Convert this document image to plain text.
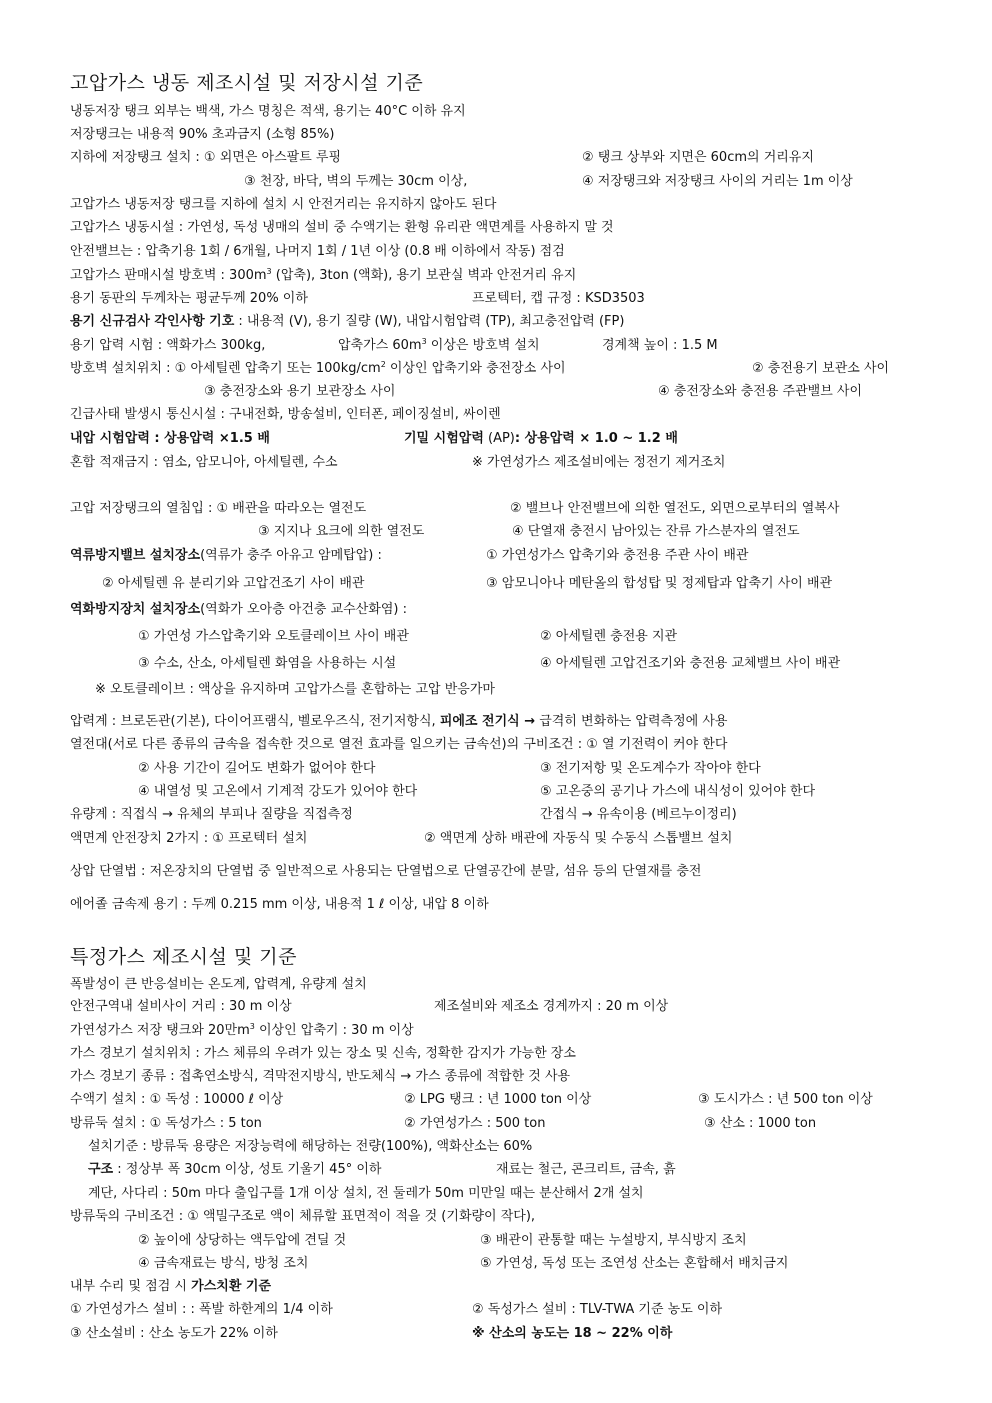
고압가스 냉동 제조시설 및 저장시설 기준
냉동저장 탱크 외부는 백색, 가스 명칭은 적색, 용기는 40°C 이하 유지
저장탱크는 내용적 90% 초과금지 (소형 85%)
지하에 저장탱크 설치 : ① 외면은 아스팔트 루핑	② 탱크 상부와 지면은 60cm의 거리유지
③ 천장, 바닥, 벽의 두께는 30cm 이상,	④ 저장탱크와 저장탱크 사이의 거리는 1m 이상
고압가스 냉동저장 탱크를 지하에 설치 시 안전거리는 유지하지 않아도 된다
고압가스 냉동시설 : 가연성, 독성 냉매의 설비 중 수액기는 환형 유리관 액면계를 사용하지 말 것
안전밸브는 : 압축기용 1회 / 6개월, 나머지 1회 / 1년 이상 (0.8 배 이하에서 작동) 점검
고압가스 판매시설 방호벽 : $300m^3$ (압축), 3ton (액화), 용기 보관실 벽과 안전거리 유지
용기 동판의 두께차는 평균두께 20% 이하	프로텍터, 캡 규정 : KSD3503
용기 신규검사 각인사항 기호 : 내용적 (V), 용기 질량 (W), 내압시험압력 (TP), 최고충전압력 (FP)
용기 압력 시험 : 액화가스 300kg,	압축가스 $60m^3$ 이상은 방호벽 설치	경계책 높이 : 1.5 M
방호벽 설치위치 : ① 아세틸렌 압축기 또는 $100kg/cm^2$ 이상인 압축기와 충전장소 사이	② 충전용기 보관소 사이
③ 충전장소와 용기 보관장소 사이	④ 충전장소와 충전용 주관밸브 사이
긴급사태 발생시 통신시설 : 구내전화, 방송설비, 인터폰, 페이징설비, 싸이렌
내압 시험압력 : 상용압력 ×1.5 배	기밀 시험압력 (AP): 상용압력 × 1.0 ~ 1.2 배
혼합 적재금지 : 염소, 암모니아, 아세틸렌, 수소	※ 가연성가스 제조설비에는 정전기 제거조치
고압 저장탱크의 열침입 : ① 배관을 따라오는 열전도	② 밸브나 안전밸브에 의한 열전도, 외면으로부터의 열복사
③ 지지나 요크에 의한 열전도	④ 단열재 충전시 남아있는 잔류 가스분자의 열전도
역류방지밸브 설치장소(역류가 충주 아유고 암메탑압) :	① 가연성가스 압축기와 충전용 주관 사이 배관
② 아세틸렌 유 분리기와 고압건조기 사이 배관	③ 암모니아나 메탄올의 합성탑 및 정제탑과 압축기 사이 배관
역화방지장치 설치장소(역화가 오아층 아건충 교수산화염) :
① 가연성 가스압축기와 오토클레이브 사이 배관	② 아세틸렌 충전용 지관
③ 수소, 산소, 아세틸렌 화염을 사용하는 시설	④ 아세틸렌 고압건조기와 충전용 교체밸브 사이 배관
※ 오토클레이브 : 액상을 유지하며 고압가스를 혼합하는 고압 반응가마
압력계 : 브로돈관(기본), 다이어프램식, 벨로우즈식, 전기저항식, 피에조 전기식 → 급격히 변화하는 압력측정에 사용
열전대(서로 다른 종류의 금속을 접속한 것으로 열전 효과를 일으키는 금속선)의 구비조건 : ① 열 기전력이 커야 한다
② 사용 기간이 길어도 변화가 없어야 한다	③ 전기저항 및 온도계수가 작아야 한다
④ 내열성 및 고온에서 기계적 강도가 있어야 한다	⑤ 고온중의 공기나 가스에 내식성이 있어야 한다
유량계 : 직접식 → 유체의 부피나 질량을 직접측정	간접식 → 유속이용 (베르누이정리)
액면계 안전장치 2가지 : ① 프로텍터 설치	② 액면계 상하 배관에 자동식 및 수동식 스톱밸브 설치
상압 단열법 : 저온장치의 단열법 중 일반적으로 사용되는 단열법으로 단열공간에 분말, 섬유 등의 단열재를 충전
에어졸 금속제 용기 : 두께 0.215 mm 이상, 내용적 1 ℓ 이상, 내압 8 이하
특정가스 제조시설 및 기준
폭발성이 큰 반응설비는 온도계, 압력계, 유량계 설치
안전구역내 설비사이 거리 : 30 m 이상	제조설비와 제조소 경계까지 : 20 m 이상
가연성가스 저장 탱크와 20만$m^3$ 이상인 압축기 : 30 m 이상
가스 경보기 설치위치 : 가스 체류의 우려가 있는 장소 및 신속, 정확한 감지가 가능한 장소
가스 경보기 종류 : 접촉연소방식, 격막전지방식, 반도체식 → 가스 종류에 적합한 것 사용
수액기 설치 : ① 독성 : 10000 ℓ 이상	② LPG 탱크 : 년 1000 ton 이상	③ 도시가스 : 년 500 ton 이상
방류둑 설치 : ① 독성가스 : 5 ton	② 가연성가스 : 500 ton	③ 산소 : 1000 ton
설치기준 : 방류둑 용량은 저장능력에 해당하는 전량(100%), 액화산소는 60%
구조 : 정상부 폭 30cm 이상, 성토 기울기 45° 이하	재료는 철근, 콘크리트, 금속, 흙
계단, 사다리 : 50m 마다 출입구를 1개 이상 설치, 전 둘레가 50m 미만일 때는 분산해서 2개 설치
방류둑의 구비조건 : ① 액밀구조로 액이 체류할 표면적이 적을 것 (기화량이 작다),
② 높이에 상당하는 액두압에 견딜 것	③ 배관이 관통할 때는 누설방지, 부식방지 조치
④ 금속재료는 방식, 방청 조치	⑤ 가연성, 독성 또는 조연성 산소는 혼합해서 배치금지
내부 수리 및 점검 시 가스치환 기준
① 가연성가스 설비 : : 폭발 하한계의 1/4 이하	② 독성가스 설비 : TLV-TWA 기준 농도 이하
③ 산소설비 : 산소 농도가 22% 이하	※ 산소의 농도는 18 ~ 22% 이하
